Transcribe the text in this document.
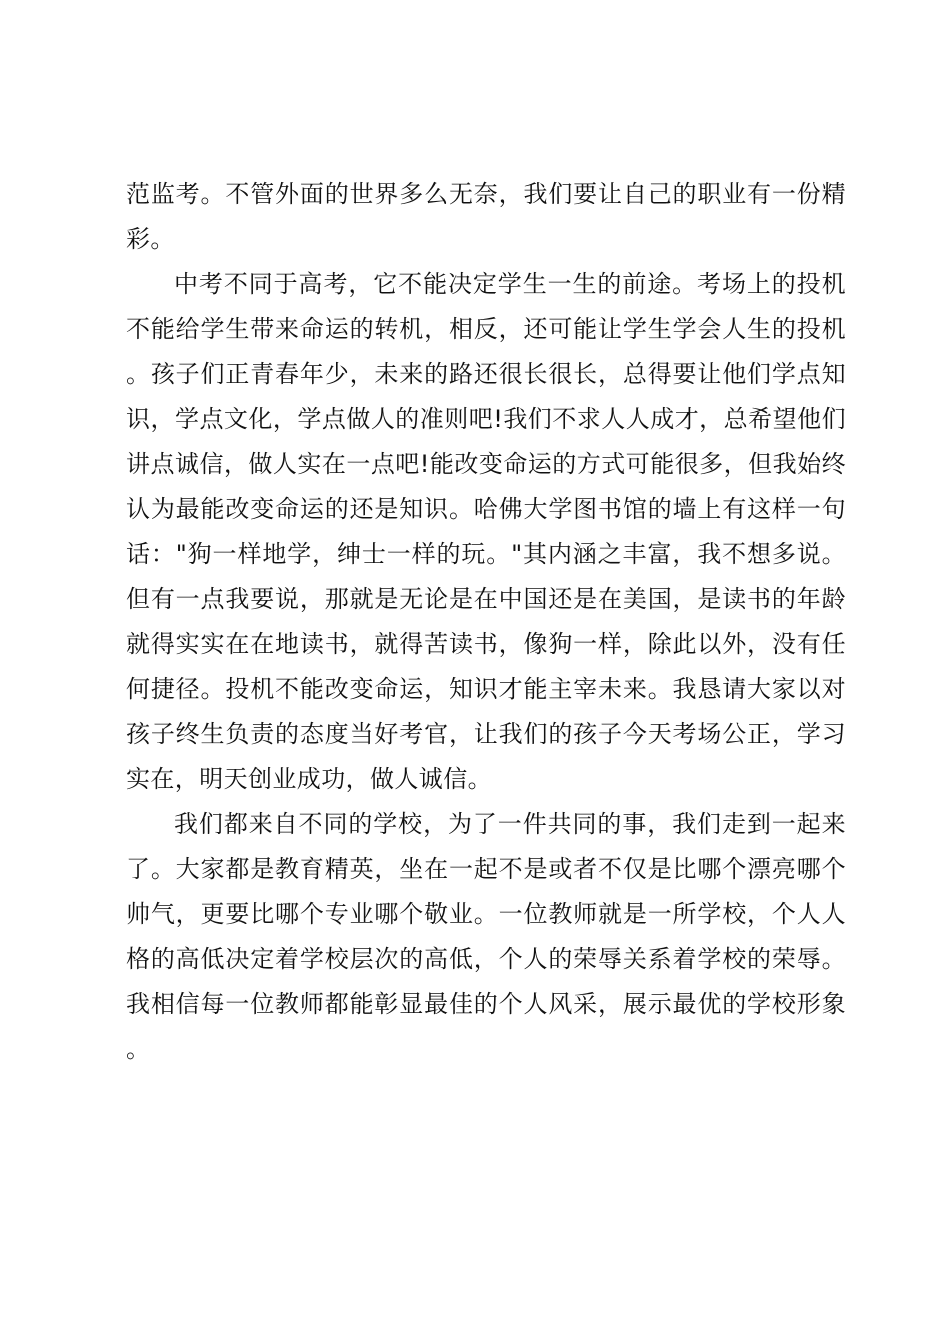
范监考。不管外面的世界多么无奈，我们要让自己的职业有一份精彩。

中考不同于高考，它不能决定学生一生的前途。考场上的投机不能给学生带来命运的转机，相反，还可能让学生学会人生的投机。孩子们正青春年少，未来的路还很长很长，总得要让他们学点知识，学点文化，学点做人的准则吧!我们不求人人成才，总希望他们讲点诚信，做人实在一点吧!能改变命运的方式可能很多，但我始终认为最能改变命运的还是知识。哈佛大学图书馆的墙上有这样一句话："狗一样地学，绅士一样的玩。"其内涵之丰富，我不想多说。但有一点我要说，那就是无论是在中国还是在美国，是读书的年龄就得实实在在地读书，就得苦读书，像狗一样，除此以外，没有任何捷径。投机不能改变命运，知识才能主宰未来。我恳请大家以对孩子终生负责的态度当好考官，让我们的孩子今天考场公正，学习实在，明天创业成功，做人诚信。

我们都来自不同的学校，为了一件共同的事，我们走到一起来了。大家都是教育精英，坐在一起不是或者不仅是比哪个漂亮哪个帅气，更要比哪个专业哪个敬业。一位教师就是一所学校，个人人格的高低决定着学校层次的高低，个人的荣辱关系着学校的荣辱。我相信每一位教师都能彰显最佳的个人风采，展示最优的学校形象。
